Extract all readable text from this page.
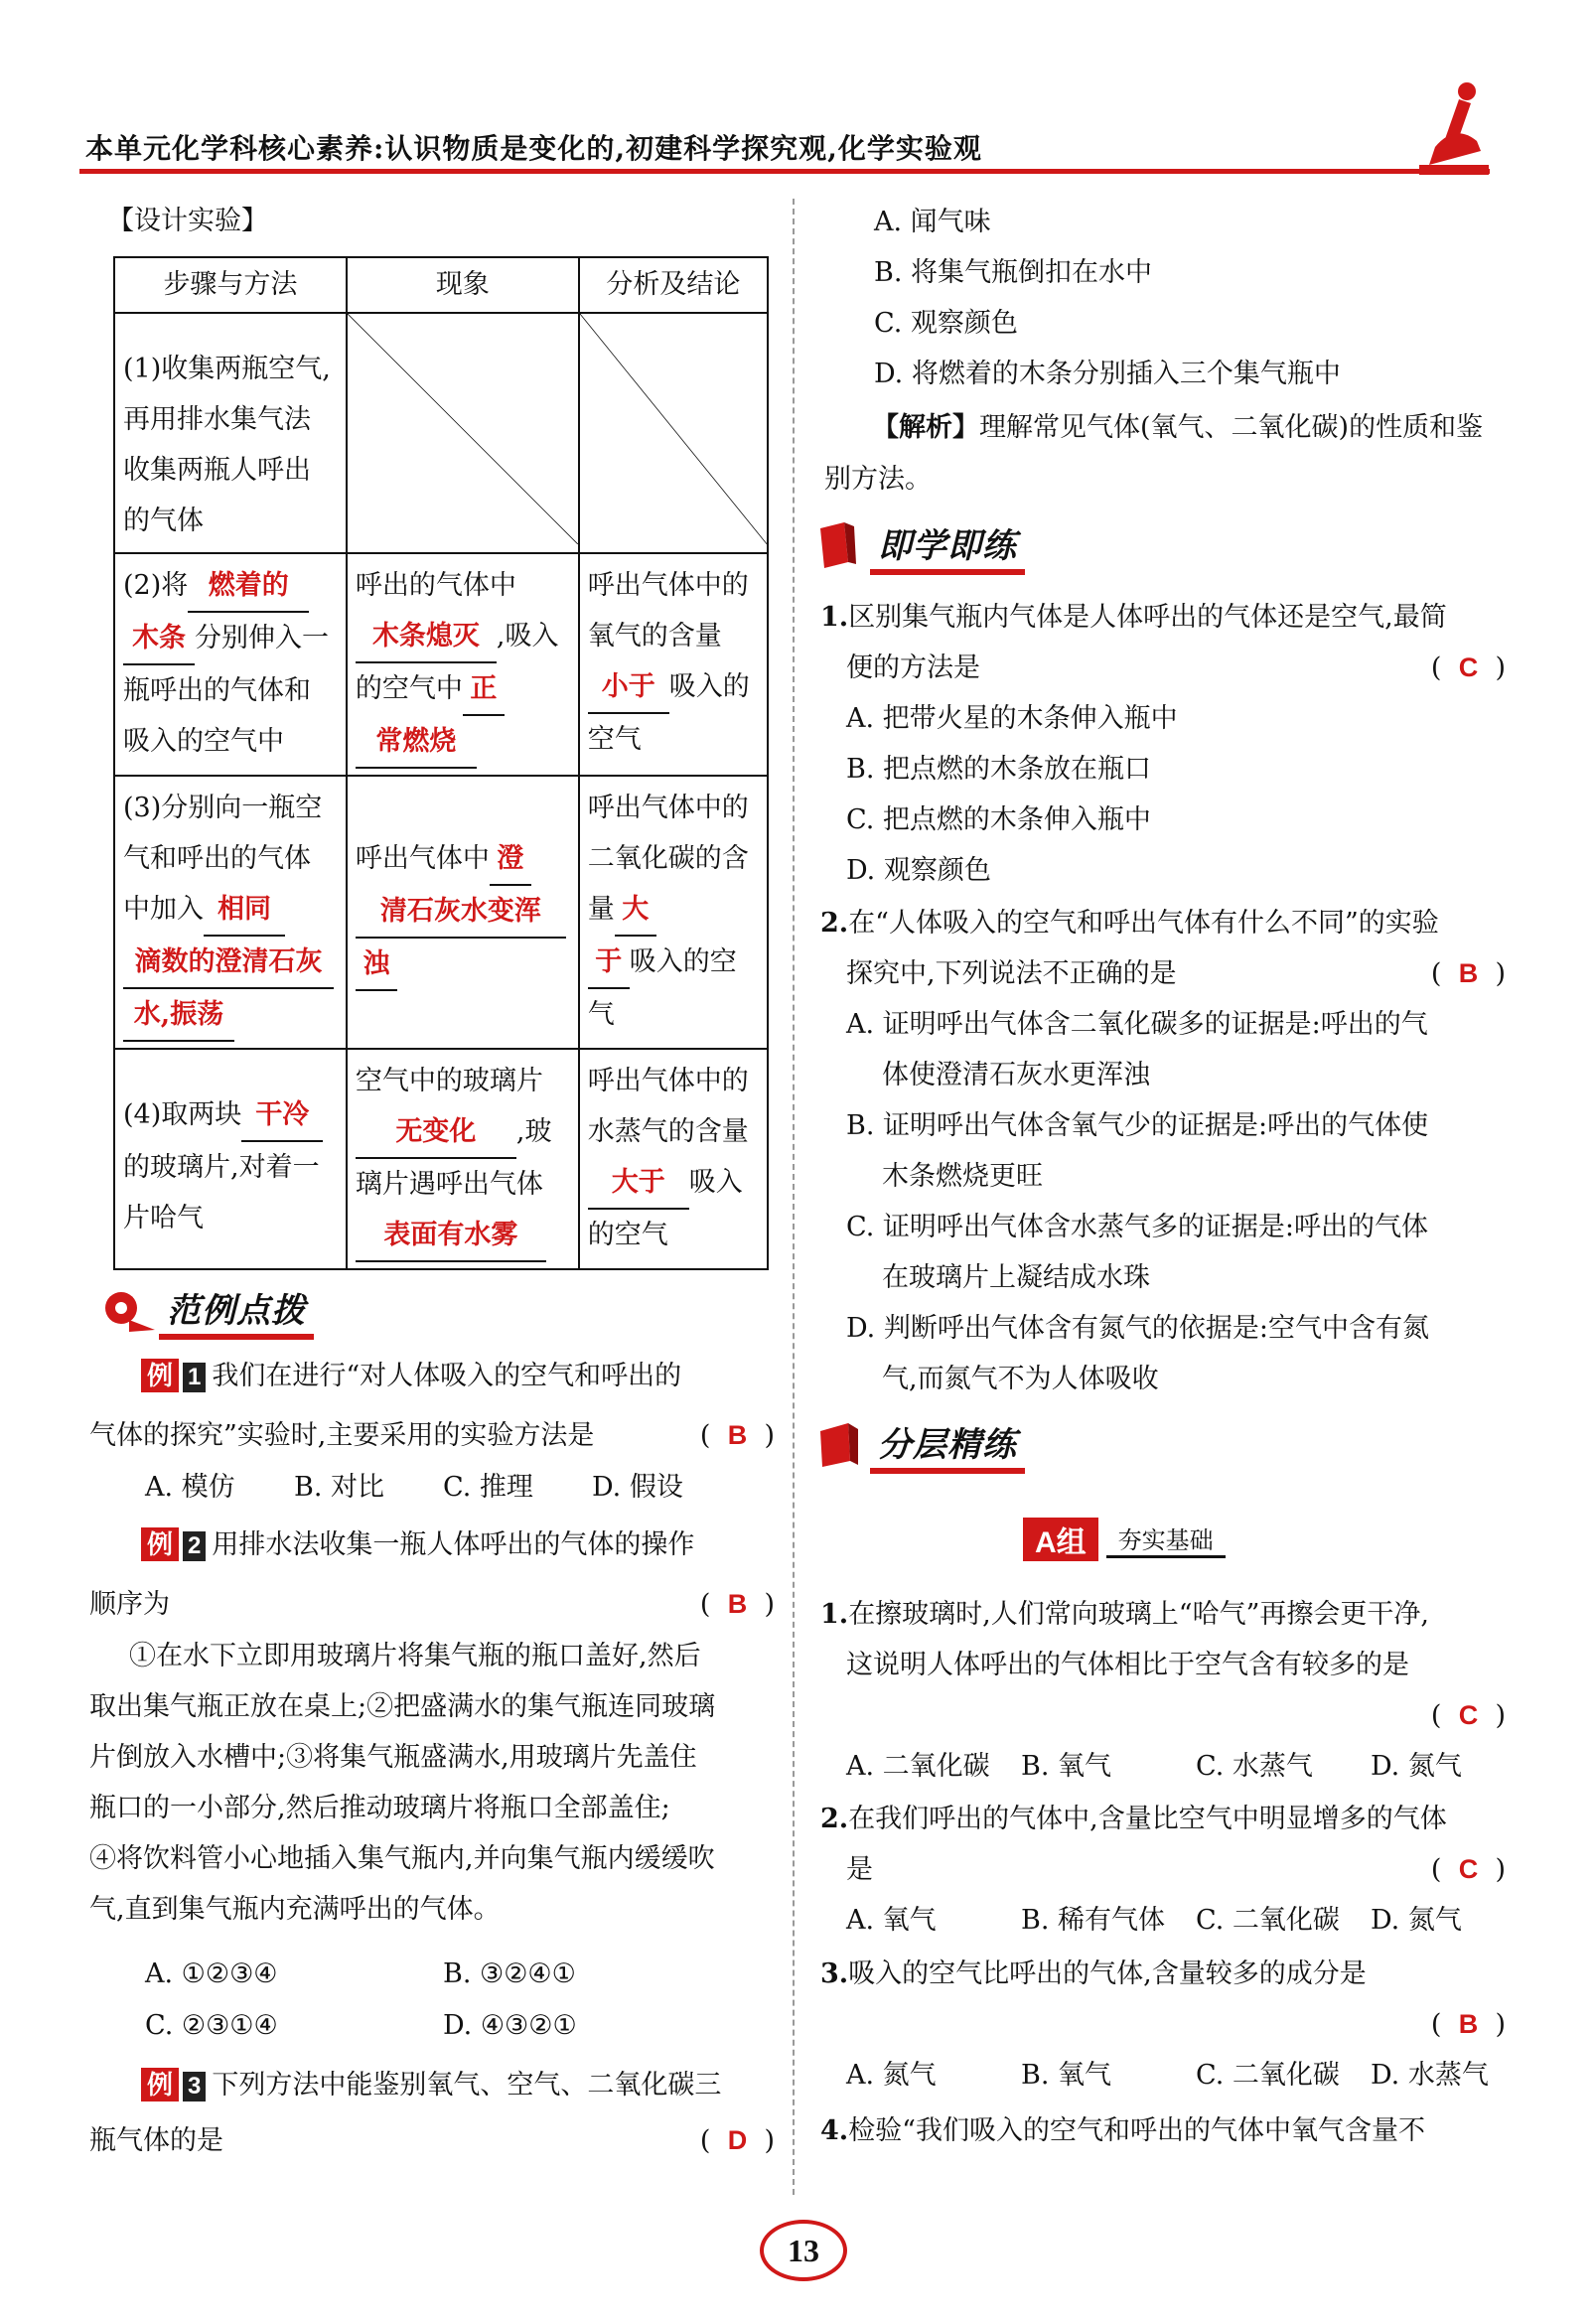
本单元化学科核心素养:认识物质是变化的,初建科学探究观,化学实验观
【设计实验】
步骤与方法	现象	分析及结论
(1)收集两瓶空气,再用排水集气法收集两瓶人呼出的气体	

(2)将 燃着的
木条 分别伸入一瓶呼出的气体和吸入的空气中	呼出的气体中
木条熄灭 ,吸入的空气中 正
常燃烧	呼出气体中的氧气的含量小于 吸入的空气
(3)分别向一瓶空气和呼出的气体中加入 相同
滴数的澄清石灰
水,振荡	呼出气体中 澄
清石灰水变浑
浊	呼出气体中的二氧化碳的含量 大
于 吸入的空气
(4)取两块 干冷的玻璃片,对着一片哈气	空气中的玻璃片
无变化 ,玻璃片遇呼出气体
表面有水雾	呼出气体中的水蒸气的含量大于 吸入的空气
范例点拨
例 1 我们在进行“对人体吸入的空气和呼出的
气体的探究”实验时,主要采用的实验方法是	( B )
A. 模仿	B. 对比	C. 推理	D. 假设
例 2 用排水法收集一瓶人体呼出的气体的操作
顺序为	( B )
①在水下立即用玻璃片将集气瓶的瓶口盖好,然后
取出集气瓶正放在桌上;②把盛满水的集气瓶连同玻璃
片倒放入水槽中;③将集气瓶盛满水,用玻璃片先盖住
瓶口的一小部分,然后推动玻璃片将瓶口全部盖住;
④将饮料管小心地插入集气瓶内,并向集气瓶内缓缓吹
气,直到集气瓶内充满呼出的气体。
A. ①②③④	B. ③②④①
C. ②③①④	D. ④③②①
例 3 下列方法中能鉴别氧气、空气、二氧化碳三
瓶气体的是	( D )
A. 闻气味
B. 将集气瓶倒扣在水中
C. 观察颜色
D. 将燃着的木条分别插入三个集气瓶中
【解析】理解常见气体(氧气、二氧化碳)的性质和鉴
别方法。
即学即练
1.区别集气瓶内气体是人体呼出的气体还是空气,最简
便的方法是	( C )
A. 把带火星的木条伸入瓶中
B. 把点燃的木条放在瓶口
C. 把点燃的木条伸入瓶中
D. 观察颜色
2.在“人体吸入的空气和呼出气体有什么不同”的实验
探究中,下列说法不正确的是	( B )
A. 证明呼出气体含二氧化碳多的证据是:呼出的气
体使澄清石灰水更浑浊
B. 证明呼出气体含氧气少的证据是:呼出的气体使
木条燃烧更旺
C. 证明呼出气体含水蒸气多的证据是:呼出的气体
在玻璃片上凝结成水珠
D. 判断呼出气体含有氮气的依据是:空气中含有氮
气,而氮气不为人体吸收
分层精练
A组	夯实基础
1.在擦玻璃时,人们常向玻璃上“哈气”再擦会更干净,
这说明人体呼出的气体相比于空气含有较多的是
( C )
A. 二氧化碳	B. 氧气	C. 水蒸气	D. 氮气
2.在我们呼出的气体中,含量比空气中明显增多的气体
是	( C )
A. 氧气	B. 稀有气体	C. 二氧化碳	D. 氮气
3.吸入的空气比呼出的气体,含量较多的成分是
( B )
A. 氮气	B. 氧气	C. 二氧化碳	D. 水蒸气
4.检验“我们吸入的空气和呼出的气体中氧气含量不
13
